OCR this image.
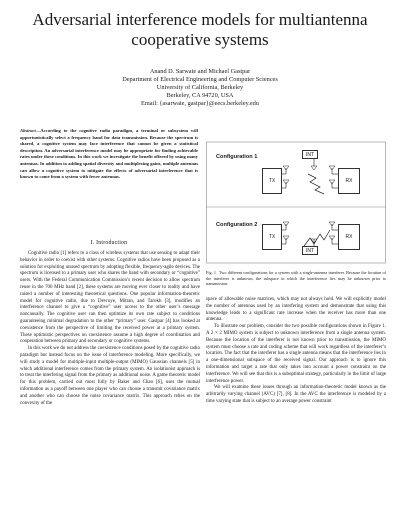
Adversarial interference models for multiantenna cooperative systems
Anand D. Sarwate and Michael Gastpar
Department of Electrical Engineering and Computer Sciences
University of California, Berkeley
Berkeley, CA 94720, USA
Email: {asarwate, gastpar}@eecs.berkeley.edu

Abstract—According to the cognitive radio paradigm, a terminal or subsystem will opportunistically select a frequency band for data transmission. Because the spectrum is shared, a cognitive system may face interference that cannot be given a statistical description. An adversarial interference model may be appropriate for finding achievable rates under these conditions. In this work we investigate the benefit offered by using many antennas. In addition to adding spatial diversity and multiplexing gains, multiple antennas can allow a cognitive system to mitigate the effects of adversarial interference that is known to come from a system with fewer antennas.

I. Introduction

Cognitive radio [1] refers to a class of wireless systems that use sensing to adapt their behavior in order to coexist with other systems. Cognitive radios have been proposed as a solution for exploiting unused spectrum by adopting flexible, frequency-agile devices. The spectrum is licensed to a primary user who shares the band with secondary or “cognitive” users. With the Federal Communication Commission’s recent decision to allow spectrum reuse in the 700 MHz band [2], these systems are moving ever closer to reality and have raised a number of interesting theoretical questions. One popular information-theoretic model for cognitive radio, due to Devroye, Mitran, and Tarokh [3], modifies an interference channel to give a “cognitive” user access to the other user’s message noncausally. The cognitive user can then optimize its own rate subject to conditions guaranteeing minimal degradation to the other “primary” user. Gastpar [4] has looked at coexistence from the perspective of limiting the received power at a primary system. These optimistic perspectives on coexistence assume a high degree of coordination and cooperation between primary and secondary or cognitive systems.

In this work we do not address the coexistence conditions posed by the cognitive radio paradigm but instead focus on the issue of interference modeling. More specifically, we will study a model for multiple-input multiple-output (MIMO) Gaussian channels [5] in which additional interference comes from the primary system. An isolationist approach is to treat the interfering signal from the primary as additional noise. A game theoretic model for this problem, carried out most fully by Baker and Chao [6], uses the mutual information as a payoff between one player who can choose a transmit covariance matrix and another who can choose the noise covariance matrix. This approach relies on the convexity of the

Configuration 1
Configuration 2
TX	RX
INT
TX	RX
INT

Fig. 1. Two different configurations for a system with a single-antenna interferer. Because the location of the interferer is unknown, the subspace in which the interference lies may be unknown prior to transmission.

space of allowable noise matrices, which may not always hold. We will explicitly model the number of antennas used by an interfering system and demonstrate that using this knowledge leads to a significant rate increase when the receiver has more than one antenna.

To illustrate our problem, consider the two possible configurations shown in Figure 1. A 2 × 2 MIMO system is subject to unknown interference from a single antenna system. Because the location of the interferer is not known prior to transmission, the MIMO system must choose a rate and coding scheme that will work regardless of the interferer’s location. The fact that the interferer has a single antenna means that the interference lies in a one-dimensional subspace of the received signal. Our approach is to ignore this information and target a rate that only takes into account a power constraint on the interference. We will see that this is a suboptimal strategy, particularly in the limit of large interference power.

We will examine these issues through an information-theoretic model known as the arbitrarily varying channel (AVC) [7], [8]. In the AVC the interference is modeled by a time varying state that is subject to an average power constraint
